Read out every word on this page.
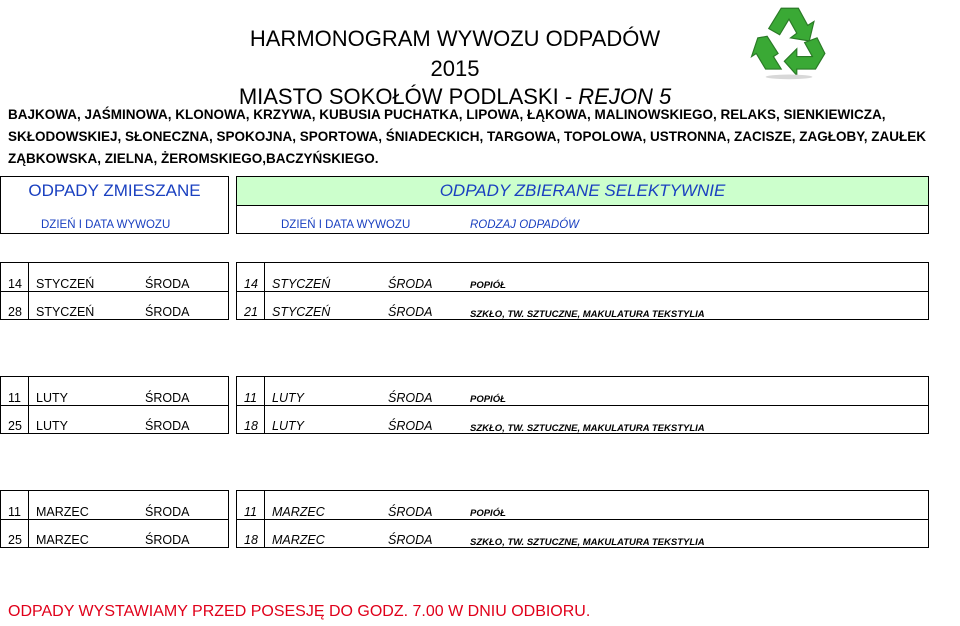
HARMONOGRAM WYWOZU ODPADÓW
2015
MIASTO SOKOŁÓW PODLASKI - REJON 5
BAJKOWA, JAŚMINOWA, KLONOWA, KRZYWA, KUBUSIA PUCHATKA, LIPOWA, ŁĄKOWA, MALINOWSKIEGO, RELAKS, SIENKIEWICZA,
SKŁODOWSKIEJ, SŁONECZNA, SPOKOJNA, SPORTOWA, ŚNIADECKICH, TARGOWA, TOPOLOWA, USTRONNA, ZACISZE, ZAGŁOBY, ZAUŁEK
ZĄBKOWSKA, ZIELNA, ŻEROMSKIEGO,BACZYŃSKIEGO.
ODPADY ZMIESZANE	ODPADY ZBIERANE SELEKTYWNIE
DZIEŃ I DATA WYWOZU	DZIEŃ I DATA WYWOZU	RODZAJ ODPADÓW
14 STYCZEŃ	ŚRODA	14 STYCZEŃ	ŚRODA	POPIÓŁ
28 STYCZEŃ	ŚRODA	21 STYCZEŃ	ŚRODA	SZKŁO, TW. SZTUCZNE, MAKULATURA TEKSTYLIA
11 LUTY	ŚRODA	11 LUTY	ŚRODA	POPIÓŁ
25 LUTY	ŚRODA	18 LUTY	ŚRODA	SZKŁO, TW. SZTUCZNE, MAKULATURA TEKSTYLIA
11 MARZEC	ŚRODA	11 MARZEC	ŚRODA	POPIÓŁ
25 MARZEC	ŚRODA	18 MARZEC	ŚRODA	SZKŁO, TW. SZTUCZNE, MAKULATURA TEKSTYLIA
ODPADY WYSTAWIAMY PRZED POSESJĘ DO GODZ. 7.00 W DNIU ODBIORU.
